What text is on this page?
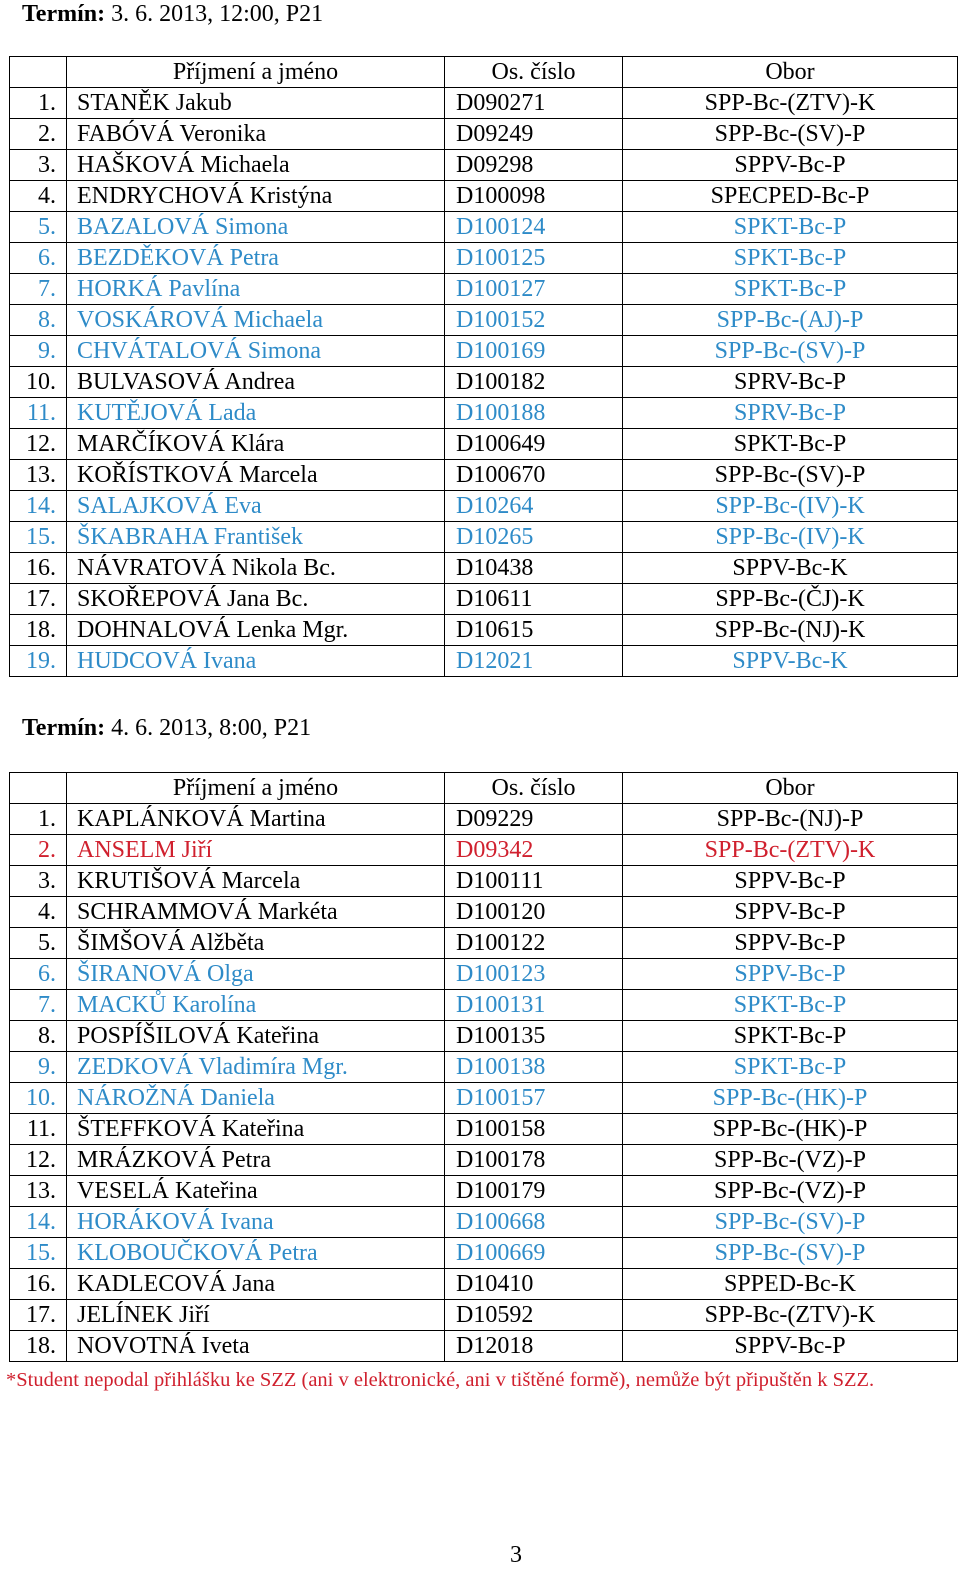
Termín: 3. 6. 2013, 12:00, P21
	Příjmení a jméno	Os. číslo	Obor
1.	STANĚK Jakub	D090271	SPP-Bc-(ZTV)-K
2.	FABÓVÁ Veronika	D09249	SPP-Bc-(SV)-P
3.	HAŠKOVÁ Michaela	D09298	SPPV-Bc-P
4.	ENDRYCHOVÁ Kristýna	D100098	SPECPED-Bc-P
5.	BAZALOVÁ Simona	D100124	SPKT-Bc-P
6.	BEZDĚKOVÁ Petra	D100125	SPKT-Bc-P
7.	HORKÁ Pavlína	D100127	SPKT-Bc-P
8.	VOSKÁROVÁ Michaela	D100152	SPP-Bc-(AJ)-P
9.	CHVÁTALOVÁ Simona	D100169	SPP-Bc-(SV)-P
10.	BULVASOVÁ Andrea	D100182	SPRV-Bc-P
11.	KUTĚJOVÁ Lada	D100188	SPRV-Bc-P
12.	MARČÍKOVÁ Klára	D100649	SPKT-Bc-P
13.	KOŘÍSTKOVÁ Marcela	D100670	SPP-Bc-(SV)-P
14.	SALAJKOVÁ Eva	D10264	SPP-Bc-(IV)-K
15.	ŠKABRAHA František	D10265	SPP-Bc-(IV)-K
16.	NÁVRATOVÁ Nikola Bc.	D10438	SPPV-Bc-K
17.	SKOŘEPOVÁ Jana Bc.	D10611	SPP-Bc-(ČJ)-K
18.	DOHNALOVÁ Lenka Mgr.	D10615	SPP-Bc-(NJ)-K
19.	HUDCOVÁ Ivana	D12021	SPPV-Bc-K
Termín: 4. 6. 2013, 8:00, P21
	Příjmení a jméno	Os. číslo	Obor
1.	KAPLÁNKOVÁ Martina	D09229	SPP-Bc-(NJ)-P
2.	ANSELM Jiří	D09342	SPP-Bc-(ZTV)-K
3.	KRUTIŠOVÁ Marcela	D100111	SPPV-Bc-P
4.	SCHRAMMOVÁ Markéta	D100120	SPPV-Bc-P
5.	ŠIMŠOVÁ Alžběta	D100122	SPPV-Bc-P
6.	ŠIRANOVÁ Olga	D100123	SPPV-Bc-P
7.	MACKŮ Karolína	D100131	SPKT-Bc-P
8.	POSPÍŠILOVÁ Kateřina	D100135	SPKT-Bc-P
9.	ZEDKOVÁ Vladimíra Mgr.	D100138	SPKT-Bc-P
10.	NÁROŽNÁ Daniela	D100157	SPP-Bc-(HK)-P
11.	ŠTEFFKOVÁ Kateřina	D100158	SPP-Bc-(HK)-P
12.	MRÁZKOVÁ Petra	D100178	SPP-Bc-(VZ)-P
13.	VESELÁ Kateřina	D100179	SPP-Bc-(VZ)-P
14.	HORÁKOVÁ Ivana	D100668	SPP-Bc-(SV)-P
15.	KLOBOUČKOVÁ Petra	D100669	SPP-Bc-(SV)-P
16.	KADLECOVÁ Jana	D10410	SPPED-Bc-K
17.	JELÍNEK Jiří	D10592	SPP-Bc-(ZTV)-K
18.	NOVOTNÁ Iveta	D12018	SPPV-Bc-P
*Student nepodal přihlášku ke SZZ (ani v elektronické, ani v tištěné formě), nemůže být připuštěn k SZZ.
3
